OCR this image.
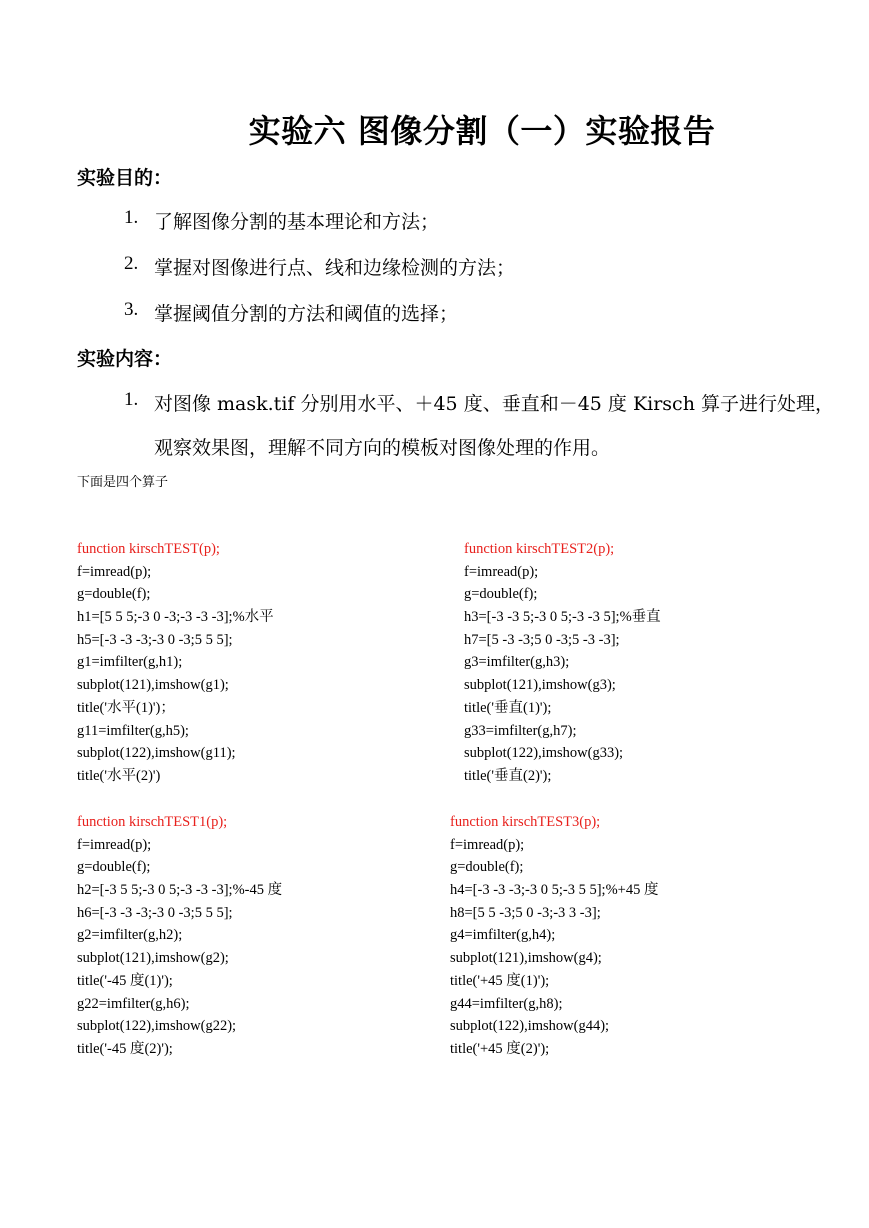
实验六 图像分割（一）实验报告
实验目的：
1. 了解图像分割的基本理论和方法；
2. 掌握对图像进行点、线和边缘检测的方法；
3. 掌握阈值分割的方法和阈值的选择；
实验内容：
1. 对图像 mask.tif 分别用水平、＋45 度、垂直和－45 度 Kirsch 算子进行处理，
观察效果图，理解不同方向的模板对图像处理的作用。
下面是四个算子
function kirschTEST(p);
f=imread(p);
g=double(f);
h1=[5 5 5;-3 0 -3;-3 -3 -3];%水平
h5=[-3 -3 -3;-3 0 -3;5 5 5];
g1=imfilter(g,h1);
subplot(121),imshow(g1);
title('水平(1)')；
g11=imfilter(g,h5);
subplot(122),imshow(g11);
title('水平(2)')
function kirschTEST2(p);
f=imread(p);
g=double(f);
h3=[-3 -3 5;-3 0 5;-3 -3 5];%垂直
h7=[5 -3 -3;5 0 -3;5 -3 -3];
g3=imfilter(g,h3);
subplot(121),imshow(g3);
title('垂直(1)');
g33=imfilter(g,h7);
subplot(122),imshow(g33);
title('垂直(2)');
function kirschTEST1(p);
f=imread(p);
g=double(f);
h2=[-3 5 5;-3 0 5;-3 -3 -3];%-45 度
h6=[-3 -3 -3;-3 0 -3;5 5 5];
g2=imfilter(g,h2);
subplot(121),imshow(g2);
title('-45 度(1)');
g22=imfilter(g,h6);
subplot(122),imshow(g22);
title('-45 度(2)');
function kirschTEST3(p);
f=imread(p);
g=double(f);
h4=[-3 -3 -3;-3 0 5;-3 5 5];%+45 度
h8=[5 5 -3;5 0 -3;-3 3 -3];
g4=imfilter(g,h4);
subplot(121),imshow(g4);
title('+45 度(1)');
g44=imfilter(g,h8);
subplot(122),imshow(g44);
title('+45 度(2)');
